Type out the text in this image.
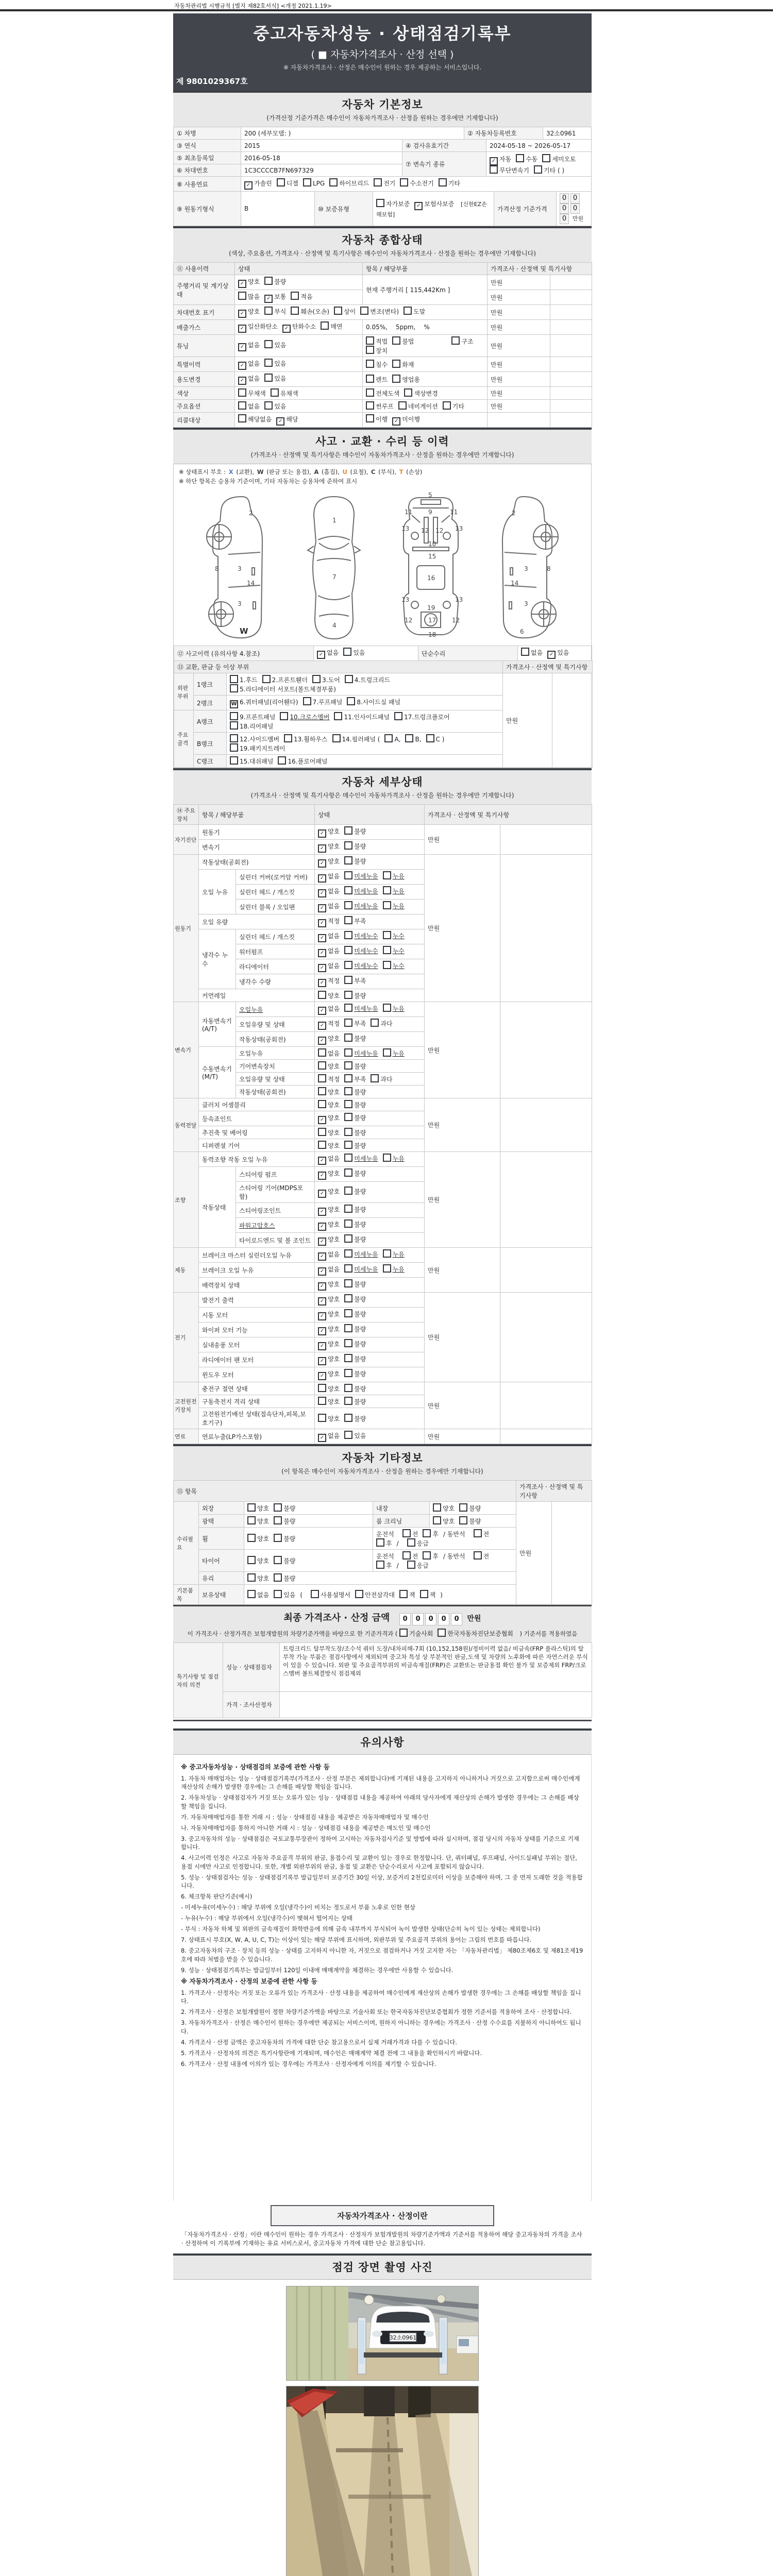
자동차관리법 시행규칙 [별지 제82호서식] <개정 2021.1.19>
중고자동차성능 · 상태점검기록부
( ■ 자동차가격조사 · 산정 선택 )
※ 자동차가격조사 · 산정은 매수인이 원하는 경우 제공하는 서비스입니다.
제 9801029367호
자동차 기본정보
(가격산정 기준가격은 매수인이 자동차가격조사 · 산정을 원하는 경우에만 기재합니다)
① 차명	200 (세부모델: )	② 자동차등록번호	32소0961
③ 연식	2015	④ 검사유효기간	2024-05-18 ~ 2026-05-17
⑤ 최초등록일	2016-05-18	⑦ 변속기 종류	✓ 자동 수동 세미오토
무단변속기 기타 ( )
⑥ 차대번호	1C3CCCCB7FN697329		
⑧ 사용연료	✓ 가솔린 디젤 LPG 하이브리드 전기 수소전기 기타
⑨ 원동기형식	B	⑩ 보증유형	자가보증 ✓ 보험사보증 [신한EZ손해보험]	가격산정 기준가격	0 00 00 만원
자동차 종합상태
(색상, 주요옵션, 가격조사 · 산정액 및 특기사항은 매수인이 자동차가격조사 · 산정을 원하는 경우에만 기재합니다)
⑪ 사용이력	상태	항목 / 해당부품	가격조사 · 산정액 및 특기사항	
주행거리 및 계기상태	✓ 양호 불량	현재 주행거리 [ 115,442Km ]	만원	
	많음 ✓ 보통 적음		만원	
차대번호 표기	✓ 양호 부식 훼손(오손) 상이 변조(변타) 도말		만원	
배출가스	✓ 일산화탄소 ✓ 탄화수소 매연	0.05%, 5ppm, %	만원	
튜닝	✓ 없음 있음	적법 불법 구조장치	만원	
특별이력	✓ 없음 있음	침수 화재	만원	
용도변경	✓ 없음 있음	렌트 영업용	만원	
색상	무채색 유채색	전체도색 색상변경	만원	
주요옵션	없음 있음	썬루프 네비게이션 기타	만원	
리콜대상	해당없음 ✓ 해당	이행 ✓ 미이행		
사고 · 교환 · 수리 등 이력
(가격조사 · 산정액 및 특기사항은 매수인이 자동차가격조사 · 산정을 원하는 경우에만 기재합니다)
※ 상태표시 부호 : X (교환), W (판금 또는 용접), A (흠집), U (요철), C (부식), T (손상)
※ 하단 항목은 승용차 기준이며, 기타 자동차는 승용차에 준하여 표시
2
8	3
14
3
W
1
7
4
5
11	11
9
13	13
12 12
10
15
16
13	13
19
17
12	12
18
2
8
3
14
3
6
⑫ 사고이력 (유의사항 4.참조)	✓ 없음 있음	단순수리	없음 ✓ 있음
⑬ 교환, 판금 등 이상 부위			가격조사 · 산정액 및 특기사항	
외판부위	1랭크	1.후드 2.프론트휀더 3.도어 4.트렁크리드
5.라디에이터 서포트(볼트체결부품)	만원	
	2랭크	W 6.쿼터패널(리어휀다) 7.루프패널 8.사이드실 패널		
주요골격	A랭크	9.프론트패널 10.크로스멤버 11.인사이드패널 17.트렁크플로어
18.리어패널		
	B랭크	12.사이드멤버 13.휠하우스 14.필러패널 ( A, B, C )
19.패키지트레이		
	C랭크	15.대쉬패널 16.플로어패널		
자동차 세부상태
(가격조사 · 산정액 및 특기사항은 매수인이 자동차가격조사 · 산정을 원하는 경우에만 기재합니다)
⑭ 주요장치	항목 / 해당부품		상태	가격조사 · 산정액 및 특기사항	
자기진단	원동기		✓ 양호 불량	만원	
	변속기		✓ 양호 불량		
원동기	작동상태(공회전)		✓ 양호 불량	만원	
	오일 누유	실린더 커버(로커암 커버)	✓ 없음 미세누유 누유		
		실린더 헤드 / 개스킷	✓ 없음 미세누유 누유		
		실린더 블록 / 오일팬	✓ 없음 미세누유 누유		
	오일 유량		✓ 적정 부족		
	냉각수 누수	실린더 헤드 / 개스킷	✓ 없음 미세누수 누수		
		워터펌프	✓ 없음 미세누수 누수		
		라디에이터	✓ 없음 미세누수 누수		
		냉각수 수량	✓ 적정 부족		
	커먼레일		양호 불량		
변속기	자동변속기 (A/T)	오일누유	✓ 없음 미세누유 누유	만원	
		오일유량 및 상태	✓ 적정 부족 과다		
		작동상태(공회전)	✓ 양호 불량		
	수동변속기 (M/T)	오일누유	없음 미세누유 누유		
		기어변속장치	양호 불량		
		오일유량 및 상태	적정 부족 과다		
		작동상태(공회전)	양호 불량		
동력전달	클러치 어셈블리		양호 불량	만원	
	등속죠인트		✓ 양호 불량		
	추진축 및 베어링		양호 불량		
	디퍼렌셜 기어		양호 불량		
조향	동력조향 작동 오일 누유		✓ 없음 미세누유 누유	만원	
	작동상태	스티어링 펌프	✓ 양호 불량		
		스티어링 기어(MDPS포함)	✓ 양호 불량		
		스티어링조인트	✓ 양호 불량		
		파워고압호스	✓ 양호 불량		
		타이로드엔드 및 볼 조인트	✓ 양호 불량		
제동	브레이크 마스터 실린더오일 누유		✓ 없음 미세누유 누유	만원	
	브레이크 오일 누유		✓ 없음 미세누유 누유		
	배력장치 상태		✓ 양호 불량		
전기	발전기 출력		✓ 양호 불량	만원	
	시동 모터		✓ 양호 불량		
	와이퍼 모터 기능		✓ 양호 불량		
	실내송풍 모터		✓ 양호 불량		
	라디에이터 팬 모터		✓ 양호 불량		
	윈도우 모터		✓ 양호 불량		
고전원전기장치	충전구 절연 상태		양호 불량	만원	
	구동축전지 격리 상태		양호 불량		
	고전원전기배선 상태(접속단자,피복,보호기구)		양호 불량		
연료	연료누출(LP가스포함)		✓ 없음 있음	만원	
자동차 기타정보
(이 항목은 매수인이 자동차가격조사 · 산정을 원하는 경우에만 기재합니다)
⑮ 항목					가격조사 · 산정액 및 특기사항	
수리필요	외장	양호 불량	내장	양호 불량	만원	
	광택	양호 불량	룸 크리닝	양호 불량		
	휠	양호 불량	운전석 전 후 / 동반석 전후 / 응급			
	타이어	양호 불량	운전석 전 후 / 동반석 전후 / 응급			
	유리	양호 불량				
기본품목	보유상태	없음 있음 ( 사용설명서 안전삼각대 잭 잭 )				
최종 가격조사 · 산정 금액 0 0 0 0 0 만원
이 가격조사 · 산정가격은 보험개발원의 차량기준가액을 바탕으로 한 기준가격과 ( 기술사회 한국자동차진단보증협회 ) 기준서를 적용하였음
특기사항 및 점검자의 의견	성능 · 상태점검자	트렁크리드 탈부착도장/조수석 쿼터 도장/내차피해-7회 (10,152,158원)/정비이력 없음/ 비금속(FRP 플라스틱)의 탈부착 가능 부품은 점검사항에서 제외되며 중고차 특성 상 부분적인 판금,도색 및 차량의 노후화에 따른 자연스러운 부식이 있을 수 있습니다. 외판 및 주요골격부위의 비금속재질(FRP)은 교환또는 판금용접 확인 불가 및 보증제외 FRP/크로스멤버 볼트체결방식 점검제외
	가격 · 조사산정자	
유의사항
※ 중고자동차성능 · 상태점검의 보증에 관한 사항 등
1. 자동차 매매업자는 성능 · 상태점검기록부(가격조사 · 산정 부분은 제외합니다)에 기재된 내용을 고지하지 아니하거나 거짓으로 고지함으로써 매수인에게 재산상의 손해가 발생한 경우에는 그 손해를 배상할 책임을 집니다.
2. 자동차성능 · 상태점검자가 거짓 또는 오류가 있는 성능 · 상태점검 내용을 제공하여 아래의 당사자에게 재산상의 손해가 발생한 경우에는 그 손해를 배상할 책임을 집니다.
가. 자동차매매업자를 통한 거래 시 : 성능 · 상태점검 내용을 제공받은 자동차매매업자 및 매수인
나. 자동차매매업자를 통하지 아니한 거래 시 : 성능 · 상태점검 내용을 제공받은 매도인 및 매수인
3. 중고자동차의 성능 · 상태점검은 국토교통부장관이 정하여 고시하는 자동차검사기준 및 방법에 따라 실시하며, 점검 당시의 자동차 상태를 기준으로 기재합니다.
4. 사고이력 인정은 사고로 자동차 주요골격 부위의 판금, 용접수리 및 교환이 있는 경우로 한정합니다. 단, 쿼터패널, 루프패널, 사이드실패널 부위는 절단, 용접 시에만 사고로 인정합니다. 또한, 개별 외판부위의 판금, 용접 및 교환은 단순수리로서 사고에 포함되지 않습니다.
5. 성능 · 상태점검자는 성능 · 상태점검기록부 발급일부터 보증기간 30일 이상, 보증거리 2천킬로미터 이상을 보증해야 하며, 그 중 먼저 도래한 것을 적용합니다.
6. 체크항목 판단기준(예시)
- 미세누유(미세누수) : 해당 부위에 오일(냉각수)이 비치는 정도로서 부품 노후로 인한 현상
- 누유(누수) : 해당 부위에서 오일(냉각수)이 맺혀서 떨어지는 상태
- 부식 : 자동차 하체 및 외판의 금속재질이 화학반응에 의해 금속 내부까지 부식되어 녹이 발생한 상태(단순히 녹이 있는 상태는 제외합니다)
7. 상태표시 부호(X, W, A, U, C, T)는 이상이 있는 해당 부위에 표시하며, 외판부위 및 주요골격 부위의 용어는 그림의 번호를 따릅니다.
8. 중고자동차의 구조 · 장치 등의 성능 · 상태를 고지하지 아니한 자, 거짓으로 점검하거나 거짓 고지한 자는 「자동차관리법」 제80조제6호 및 제81조제19호에 따라 처벌을 받을 수 있습니다.
9. 성능 · 상태점검기록부는 발급일부터 120일 이내에 매매계약을 체결하는 경우에만 사용할 수 있습니다.
※ 자동차가격조사 · 산정의 보증에 관한 사항 등
1. 가격조사 · 산정자는 거짓 또는 오류가 있는 가격조사 · 산정 내용을 제공하여 매수인에게 재산상의 손해가 발생한 경우에는 그 손해를 배상할 책임을 집니다.
2. 가격조사 · 산정은 보험개발원이 정한 차량기준가액을 바탕으로 기술사회 또는 한국자동차진단보증협회가 정한 기준서를 적용하여 조사 · 산정합니다.
3. 자동차가격조사 · 산정은 매수인이 원하는 경우에만 제공되는 서비스이며, 원하지 아니하는 경우에는 가격조사 · 산정 수수료를 지불하지 아니하여도 됩니다.
4. 가격조사 · 산정 금액은 중고자동차의 가격에 대한 단순 참고용으로서 실제 거래가격과 다를 수 있습니다.
5. 가격조사 · 산정자의 의견은 특기사항란에 기재되며, 매수인은 매매계약 체결 전에 그 내용을 확인하시기 바랍니다.
6. 가격조사 · 산정 내용에 이의가 있는 경우에는 가격조사 · 산정자에게 이의를 제기할 수 있습니다.
자동차가격조사 · 산정이란
「자동차가격조사 · 산정」이란 매수인이 원하는 경우 가격조사 · 산정자가 보험개발원의 차량기준가액과 기준서를 적용하여 해당 중고자동차의 가격을 조사 · 산정하여 이 기록부에 기재하는 유료 서비스로서, 중고자동차 가격에 대한 단순 참고용입니다.
점검 장면 촬영 사진
32소0961
